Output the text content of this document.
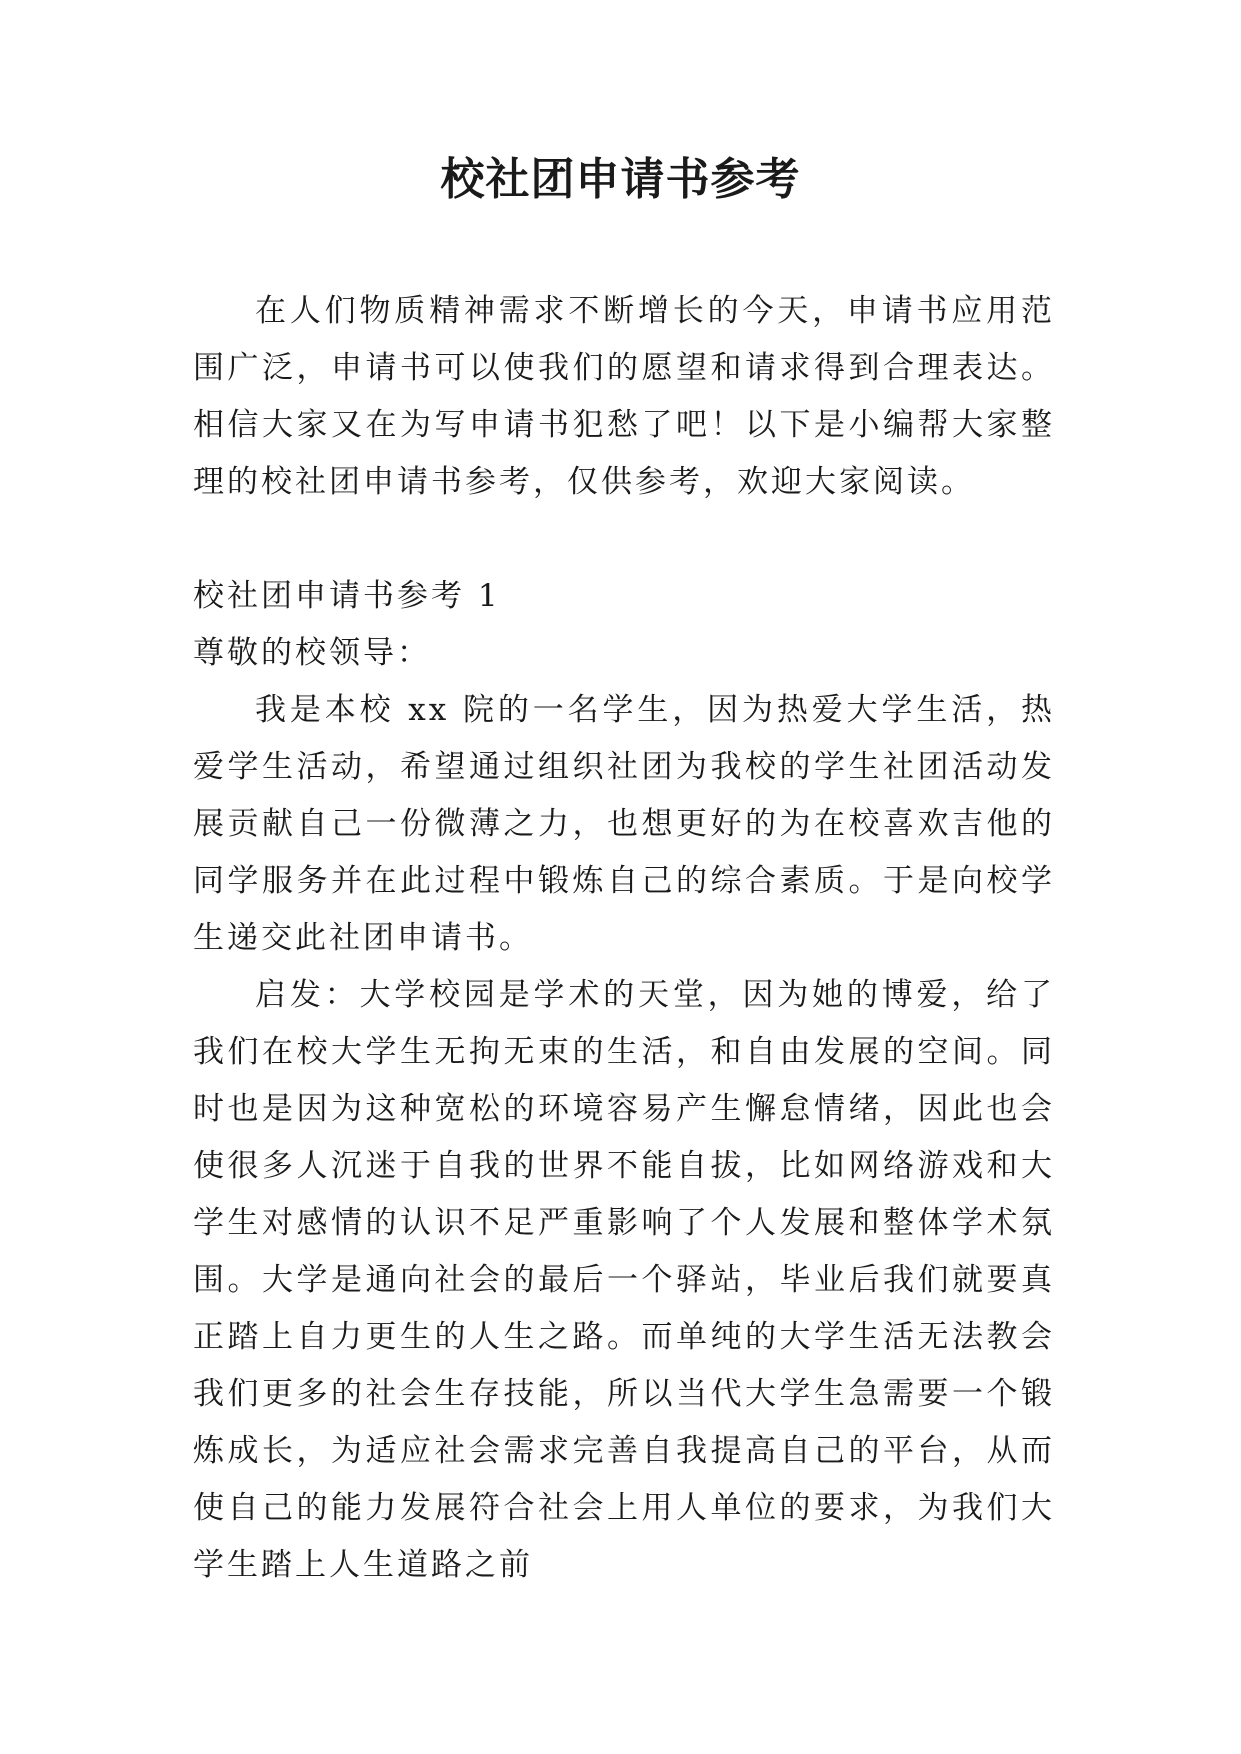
校社团申请书参考

在人们物质精神需求不断增长的今天，申请书应用范围广泛，申请书可以使我们的愿望和请求得到合理表达。相信大家又在为写申请书犯愁了吧！以下是小编帮大家整理的校社团申请书参考，仅供参考，欢迎大家阅读。

校社团申请书参考 1

尊敬的校领导：

我是本校 xx 院的一名学生，因为热爱大学生活，热爱学生活动，希望通过组织社团为我校的学生社团活动发展贡献自己一份微薄之力，也想更好的为在校喜欢吉他的同学服务并在此过程中锻炼自己的综合素质。于是向校学生递交此社团申请书。

启发：大学校园是学术的天堂，因为她的博爱，给了我们在校大学生无拘无束的生活，和自由发展的空间。同时也是因为这种宽松的环境容易产生懈怠情绪，因此也会使很多人沉迷于自我的世界不能自拔，比如网络游戏和大学生对感情的认识不足严重影响了个人发展和整体学术氛围。大学是通向社会的最后一个驿站，毕业后我们就要真正踏上自力更生的人生之路。而单纯的大学生活无法教会我们更多的社会生存技能，所以当代大学生急需要一个锻炼成长，为适应社会需求完善自我提高自己的平台，从而使自己的能力发展符合社会上用人单位的要求，为我们大学生踏上人生道路之前
